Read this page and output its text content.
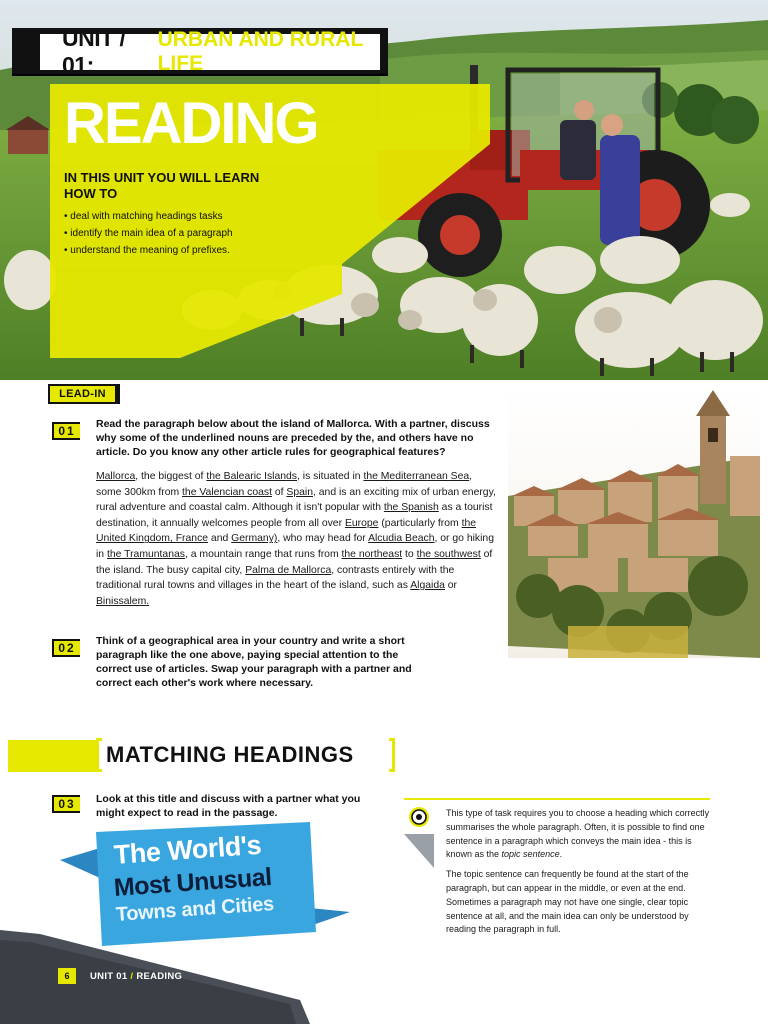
UNIT / 01:
URBAN AND RURAL LIFE
READING
IN THIS UNIT YOU WILL LEARN HOW TO
• deal with matching headings tasks
• identify the main idea of a paragraph
• understand the meaning of prefixes.
LEAD-IN
01	Read the paragraph below about the island of Mallorca. With a partner, discuss why some of the underlined nouns are preceded by the, and others have no article. Do you know any other article rules for geographical features?
Mallorca, the biggest of the Balearic Islands, is situated in the Mediterranean Sea, some 300km from the Valencian coast of Spain, and is an exciting mix of urban energy, rural adventure and coastal calm. Although it isn't popular with the Spanish as a tourist destination, it annually welcomes people from all over Europe (particularly from the United Kingdom, France and Germany), who may head for Alcudia Beach, or go hiking in the Tramuntanas, a mountain range that runs from the northeast to the southwest of the island. The busy capital city, Palma de Mallorca, contrasts entirely with the traditional rural towns and villages in the heart of the island, such as Algaida or Binissalem.
02	Think of a geographical area in your country and write a short paragraph like the one above, paying special attention to the correct use of articles. Swap your paragraph with a partner and correct each other's work where necessary.
MATCHING HEADINGS
03	Look at this title and discuss with a partner what you might expect to read in the passage.
The World's
Most Unusual
Towns and Cities

This type of task requires you to choose a heading which correctly summarises the whole paragraph. Often, it is possible to find one sentence in a paragraph which conveys the main idea - this is known as the topic sentence.

The topic sentence can frequently be found at the start of the paragraph, but can appear in the middle, or even at the end. Sometimes a paragraph may not have one single, clear topic sentence at all, and the main idea can only be understood by reading the paragraph in full.

6	UNIT 01 / READING
